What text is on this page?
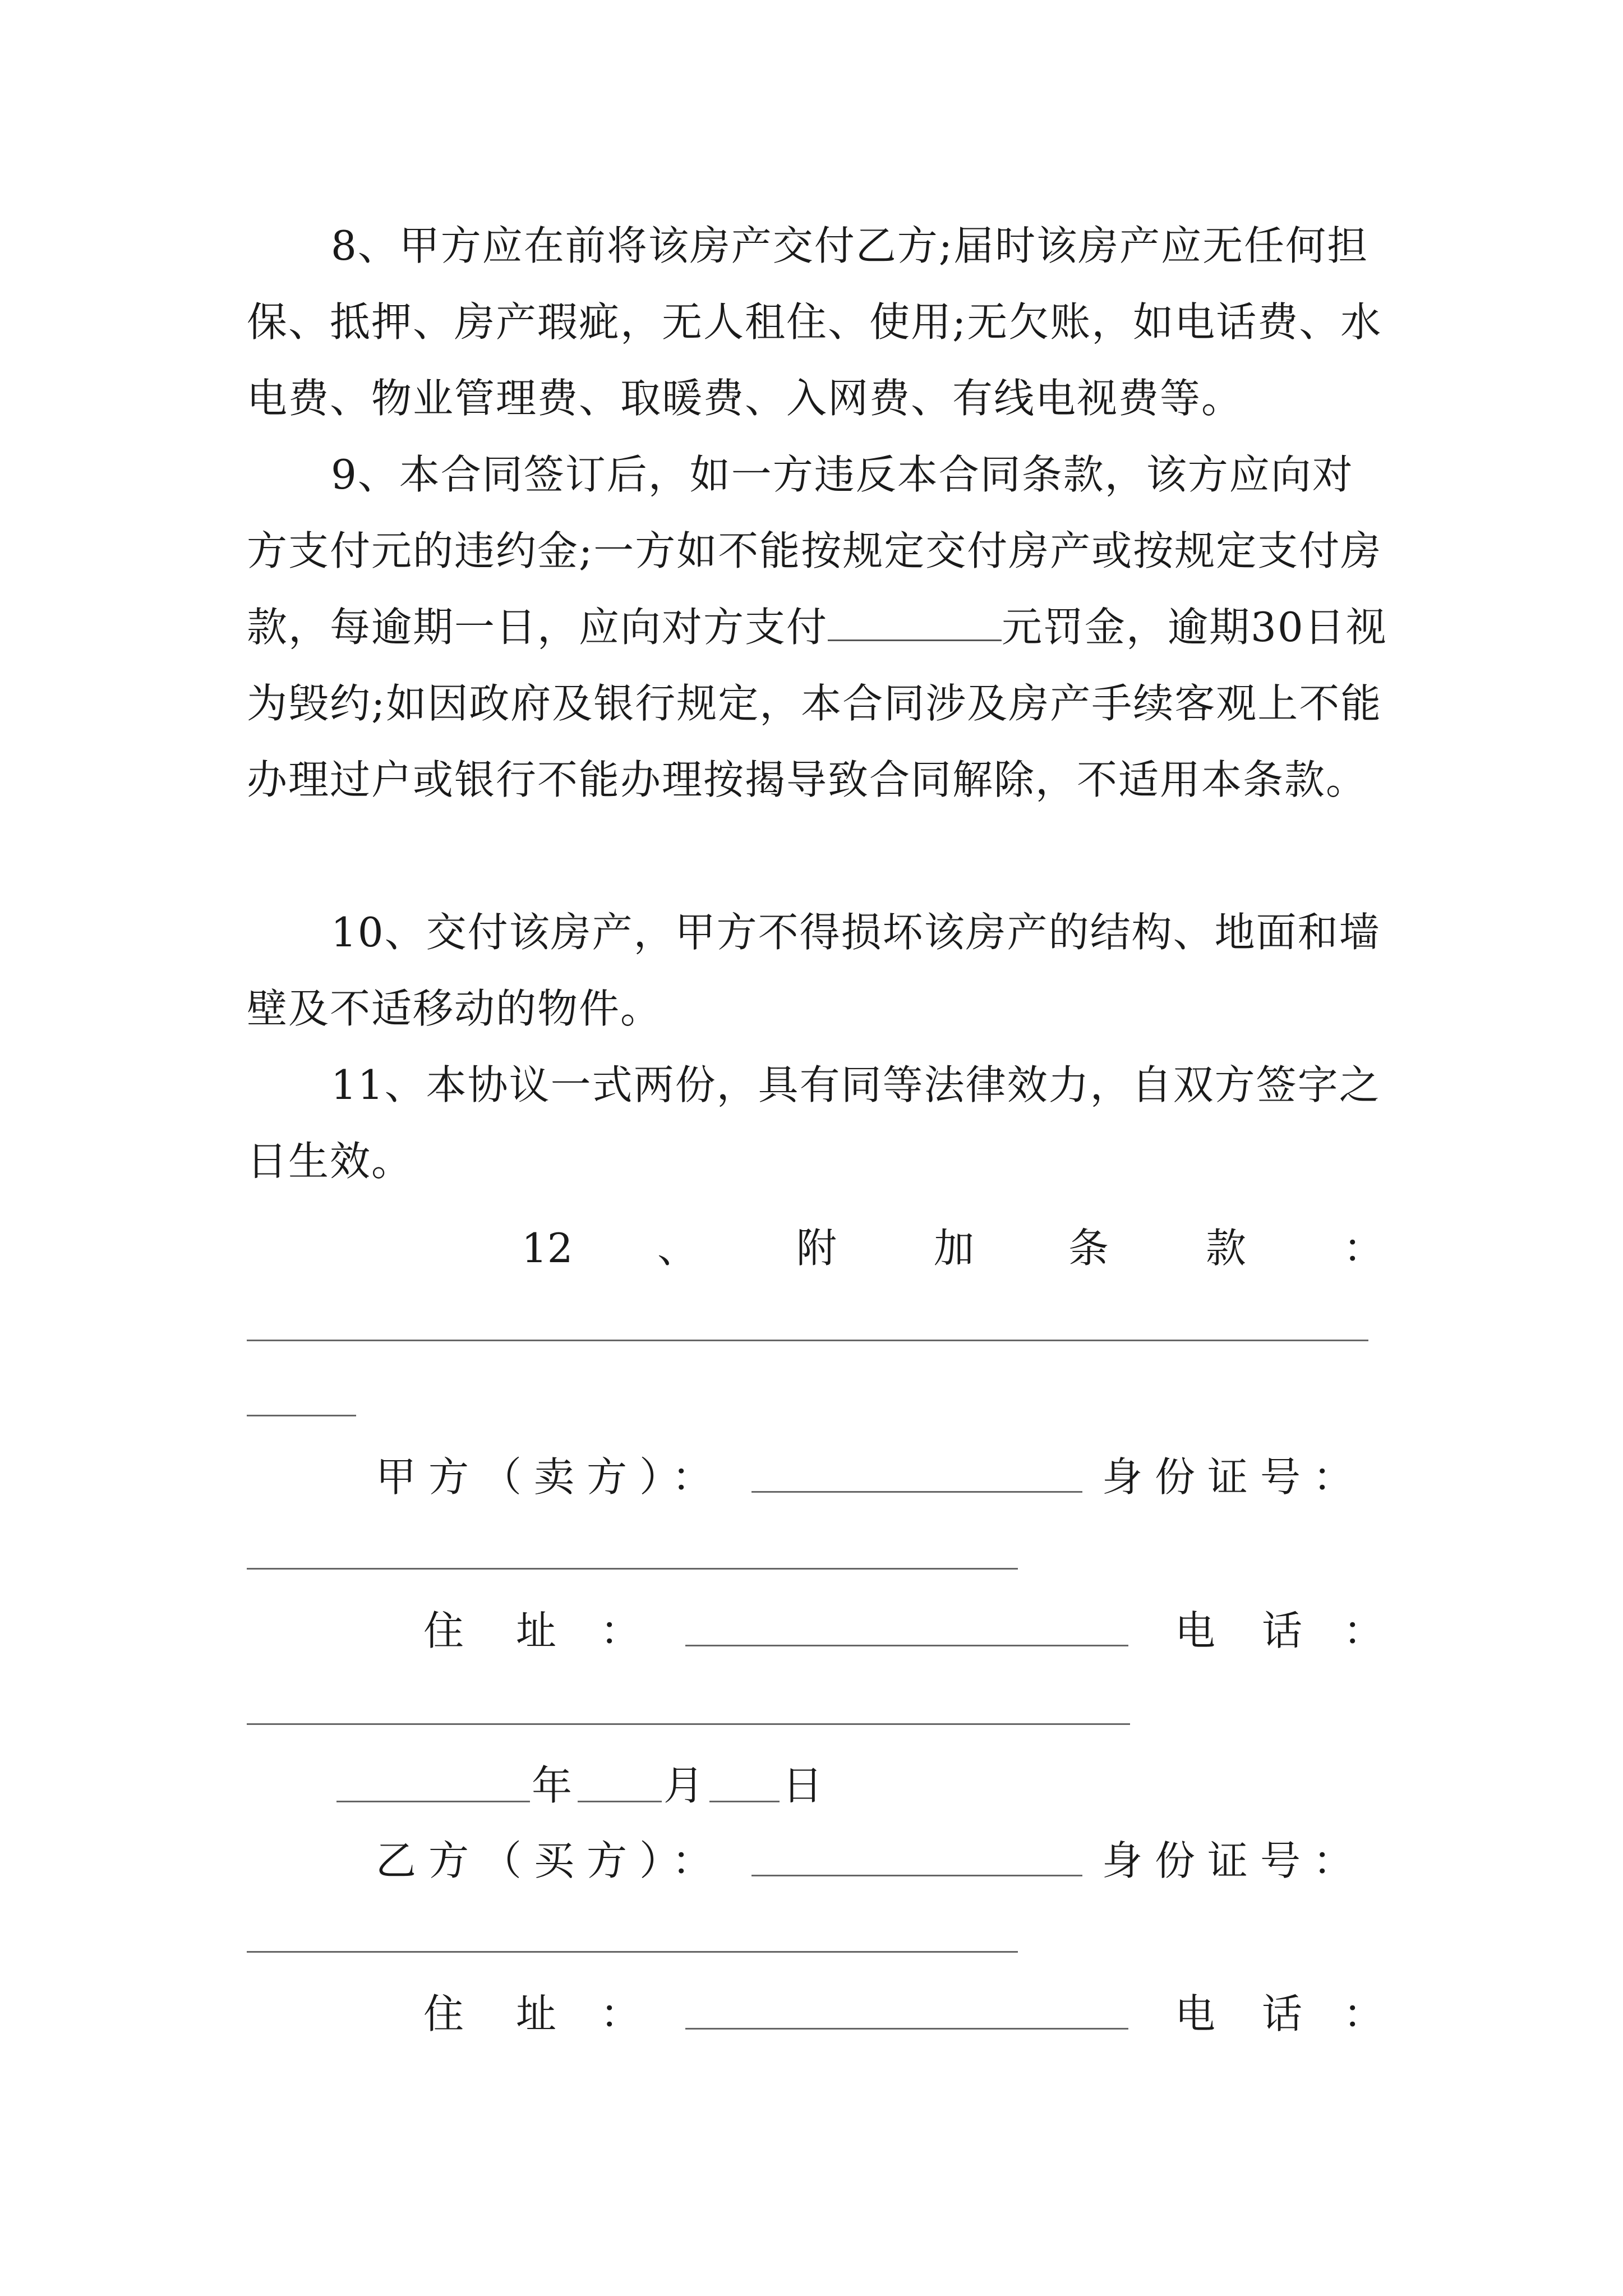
8、甲方应在前将该房产交付乙方;届时该房产应无任何担保、抵押、房产瑕疵，无人租住、使用;无欠账，如电话费、水电费、物业管理费、取暖费、入网费、有线电视费等。

9、本合同签订后，如一方违反本合同条款，该方应向对方支付元的违约金;一方如不能按规定交付房产或按规定支付房款，每逾期一日，应向对方支付	元罚金，逾期30日视为毁约;如因政府及银行规定，本合同涉及房产手续客观上不能办理过户或银行不能办理按揭导致合同解除，不适用本条款。

10、交付该房产，甲方不得损坏该房产的结构、地面和墙壁及不适移动的物件。

11、本协议一式两份，具有同等法律效力，自双方签字之日生效。

12 、 附 加 条 款 ：
甲方（卖方）：	身份证号：
住 址 ：	电 话 ：
年 月 日
乙方（买方）：	身份证号：
住 址 ：	电 话 ：
